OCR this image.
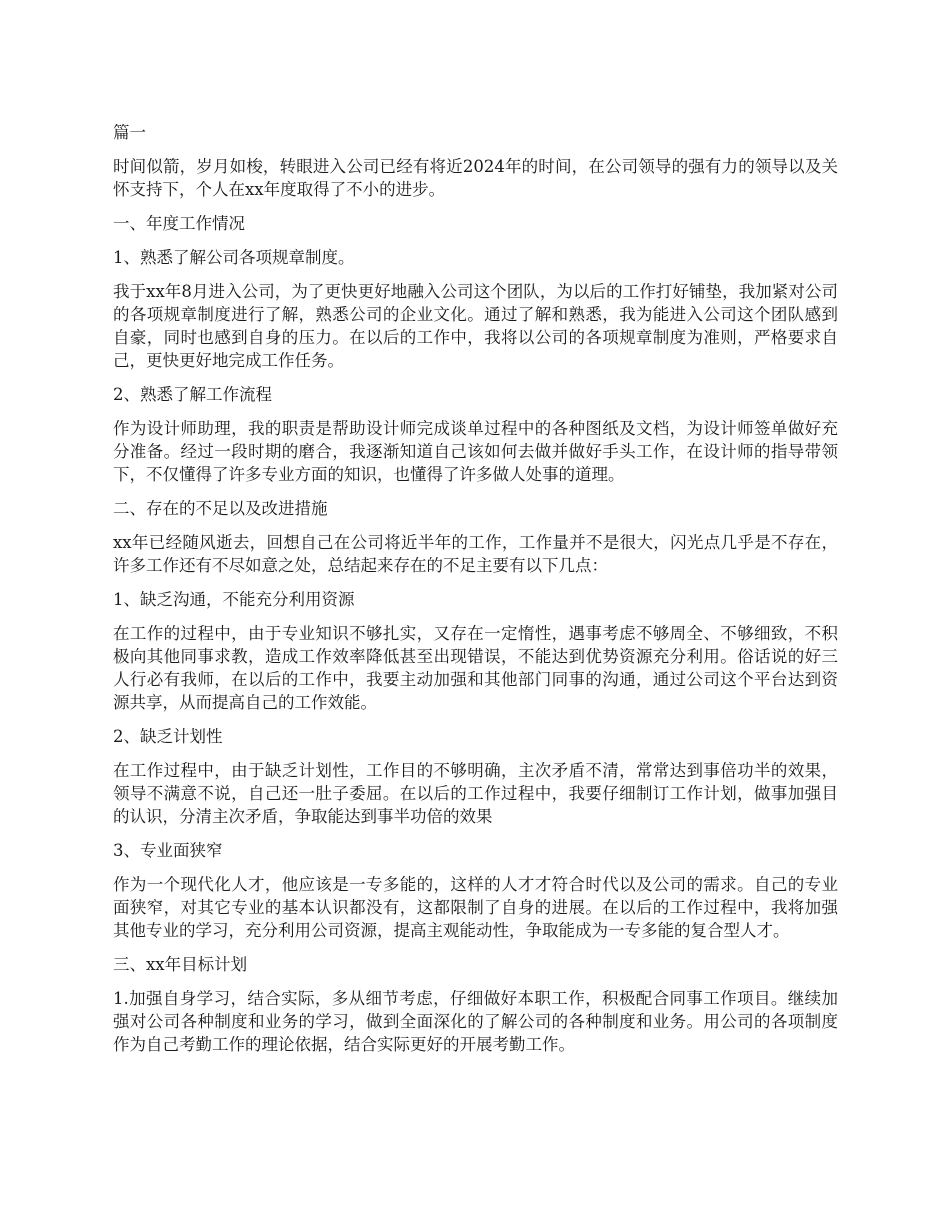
篇一

时间似箭，岁月如梭，转眼进入公司已经有将近2024年的时间，在公司领导的强有力的领导以及关怀支持下，个人在xx年度取得了不小的进步。

一、年度工作情况

1、熟悉了解公司各项规章制度。

我于xx年8月进入公司，为了更快更好地融入公司这个团队，为以后的工作打好铺垫，我加紧对公司的各项规章制度进行了解，熟悉公司的企业文化。通过了解和熟悉，我为能进入公司这个团队感到自豪，同时也感到自身的压力。在以后的工作中，我将以公司的各项规章制度为准则，严格要求自己，更快更好地完成工作任务。

2、熟悉了解工作流程

作为设计师助理，我的职责是帮助设计师完成谈单过程中的各种图纸及文档，为设计师签单做好充分准备。经过一段时期的磨合，我逐渐知道自己该如何去做并做好手头工作，在设计师的指导带领下，不仅懂得了许多专业方面的知识，也懂得了许多做人处事的道理。

二、存在的不足以及改进措施

xx年已经随风逝去，回想自己在公司将近半年的工作，工作量并不是很大，闪光点几乎是不存在，许多工作还有不尽如意之处，总结起来存在的不足主要有以下几点：

1、缺乏沟通，不能充分利用资源

在工作的过程中，由于专业知识不够扎实，又存在一定惰性，遇事考虑不够周全、不够细致，不积极向其他同事求教，造成工作效率降低甚至出现错误，不能达到优势资源充分利用。俗话说的好三人行必有我师，在以后的工作中，我要主动加强和其他部门同事的沟通，通过公司这个平台达到资源共享，从而提高自己的工作效能。

2、缺乏计划性

在工作过程中，由于缺乏计划性，工作目的不够明确，主次矛盾不清，常常达到事倍功半的效果，领导不满意不说，自己还一肚子委屈。在以后的工作过程中，我要仔细制订工作计划，做事加强目的认识，分清主次矛盾，争取能达到事半功倍的效果

3、专业面狭窄

作为一个现代化人才，他应该是一专多能的，这样的人才才符合时代以及公司的需求。自己的专业面狭窄，对其它专业的基本认识都没有，这都限制了自身的进展。在以后的工作过程中，我将加强其他专业的学习，充分利用公司资源，提高主观能动性，争取能成为一专多能的复合型人才。

三、xx年目标计划

1.加强自身学习，结合实际，多从细节考虑，仔细做好本职工作，积极配合同事工作项目。继续加强对公司各种制度和业务的学习，做到全面深化的了解公司的各种制度和业务。用公司的各项制度作为自己考勤工作的理论依据，结合实际更好的开展考勤工作。
